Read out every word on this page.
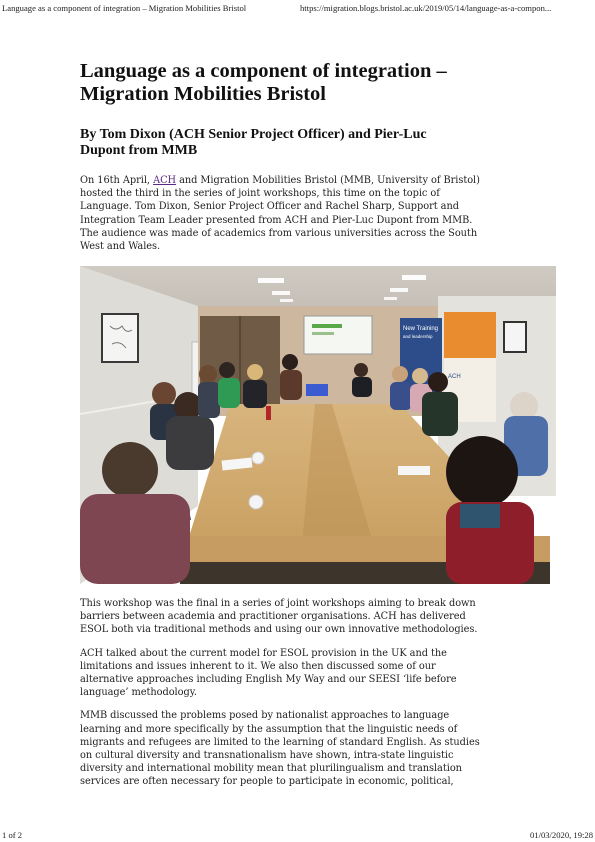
Language as a component of integration – Migration Mobilities Bristol	https://migration.blogs.bristol.ac.uk/2019/05/14/language-as-a-compon...
Language as a component of integration –
Migration Mobilities Bristol
By Tom Dixon (ACH Senior Project Officer) and Pier-Luc
Dupont from MMB

On 16th April, ACH and Migration Mobilities Bristol (MMB, University of Bristol)
hosted the third in the series of joint workshops, this time on the topic of
Language. Tom Dixon, Senior Project Officer and Rachel Sharp, Support and
Integration Team Leader presented from ACH and Pier-Luc Dupont from MMB.
The audience was made of academics from various universities across the South
West and Wales.

New Training
and leadership
ACH

This workshop was the final in a series of joint workshops aiming to break down
barriers between academia and practitioner organisations. ACH has delivered
ESOL both via traditional methods and using our own innovative methodologies.

ACH talked about the current model for ESOL provision in the UK and the
limitations and issues inherent to it. We also then discussed some of our
alternative approaches including English My Way and our SEESI ‘life before
language’ methodology.

MMB discussed the problems posed by nationalist approaches to language
learning and more specifically by the assumption that the linguistic needs of
migrants and refugees are limited to the learning of standard English. As studies
on cultural diversity and transnationalism have shown, intra-state linguistic
diversity and international mobility mean that plurilingualism and translation
services are often necessary for people to participate in economic, political,

1 of 2	01/03/2020, 19:28
